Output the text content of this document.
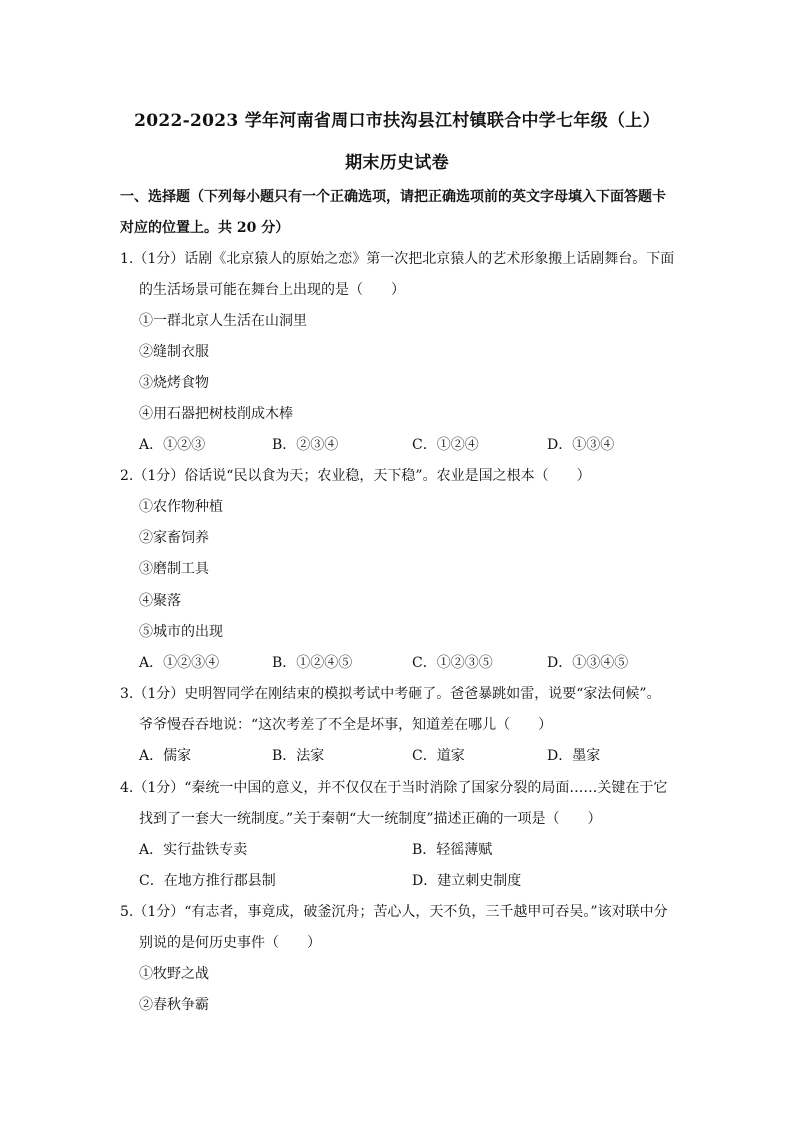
2022-2023 学年河南省周口市扶沟县江村镇联合中学七年级（上）
期末历史试卷
一、选择题（下列每小题只有一个正确选项，请把正确选项前的英文字母填入下面答题卡
对应的位置上。共 20 分）
1.（1分）话剧《北京猿人的原始之恋》第一次把北京猿人的艺术形象搬上话剧舞台。下面
的生活场景可能在舞台上出现的是（　　）
①一群北京人生活在山洞里
②缝制衣服
③烧烤食物
④用石器把树枝削成木棒
A．①②③	B．②③④	C．①②④	D．①③④
2.（1分）俗话说“民以食为天；农业稳，天下稳”。农业是国之根本（　　）
①农作物种植
②家畜饲养
③磨制工具
④聚落
⑤城市的出现
A．①②③④	B．①②④⑤	C．①②③⑤	D．①③④⑤
3.（1分）史明智同学在刚结束的模拟考试中考砸了。爸爸暴跳如雷，说要“家法伺候”。
爷爷慢吞吞地说：“这次考差了不全是坏事，知道差在哪儿（　　）
A．儒家	B．法家	C．道家	D．墨家
4.（1分）“秦统一中国的意义，并不仅仅在于当时消除了国家分裂的局面……关键在于它
找到了一套大一统制度。”关于秦朝“大一统制度”描述正确的一项是（　　）
A．实行盐铁专卖	B．轻徭薄赋
C．在地方推行郡县制	D．建立刺史制度
5.（1分）“有志者，事竟成，破釜沉舟；苦心人，天不负，三千越甲可吞吴。”该对联中分
别说的是何历史事件（　　）
①牧野之战
②春秋争霸
